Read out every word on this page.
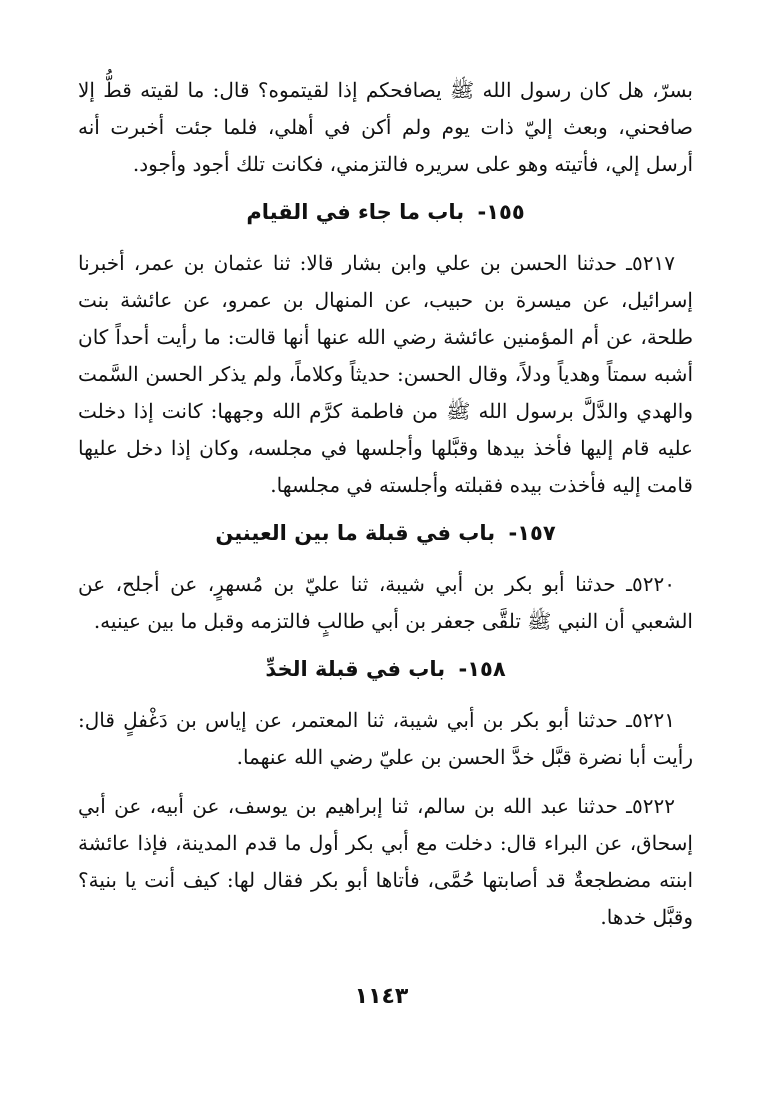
بسرّ، هل كان رسول الله ﷺ يصافحكم إذا لقيتموه؟ قال: ما لقيته قطُّ إلا صافحني، وبعث إليّ ذات يوم ولم أكن في أهلي، فلما جئت أخبرت أنه أرسل إلي، فأتيته وهو على سريره فالتزمني، فكانت تلك أجود وأجود.

١٥٥- باب ما جاء في القيام

٥٢١٧ـ حدثنا الحسن بن علي وابن بشار قالا: ثنا عثمان بن عمر، أخبرنا إسرائيل، عن ميسرة بن حبيب، عن المنهال بن عمرو، عن عائشة بنت طلحة، عن أم المؤمنين عائشة رضي الله عنها أنها قالت: ما رأيت أحداً كان أشبه سمتاً وهدياً ودلاً، وقال الحسن: حديثاً وكلاماً، ولم يذكر الحسن السَّمت والهدي والدَّلَّ برسول الله ﷺ من فاطمة كرَّم الله وجهها: كانت إذا دخلت عليه قام إليها فأخذ بيدها وقبَّلها وأجلسها في مجلسه، وكان إذا دخل عليها قامت إليه فأخذت بيده فقبلته وأجلسته في مجلسها.

١٥٧- باب في قبلة ما بين العينين

٥٢٢٠ـ حدثنا أبو بكر بن أبي شيبة، ثنا عليّ بن مُسهرٍ، عن أجلح، عن الشعبي أن النبي ﷺ تلقَّى جعفر بن أبي طالبٍ فالتزمه وقبل ما بين عينيه.

١٥٨- باب في قبلة الخدِّ

٥٢٢١ـ حدثنا أبو بكر بن أبي شيبة، ثنا المعتمر، عن إياس بن دَغْفلٍ قال: رأيت أبا نضرة قبَّل خدَّ الحسن بن عليّ رضي الله عنهما.

٥٢٢٢ـ حدثنا عبد الله بن سالم، ثنا إبراهيم بن يوسف، عن أبيه، عن أبي إسحاق، عن البراء قال: دخلت مع أبي بكر أول ما قدم المدينة، فإذا عائشة ابنته مضطجعةٌ قد أصابتها حُمَّى، فأتاها أبو بكر فقال لها: كيف أنت يا بنية؟ وقبَّل خدها.

١١٤٣
